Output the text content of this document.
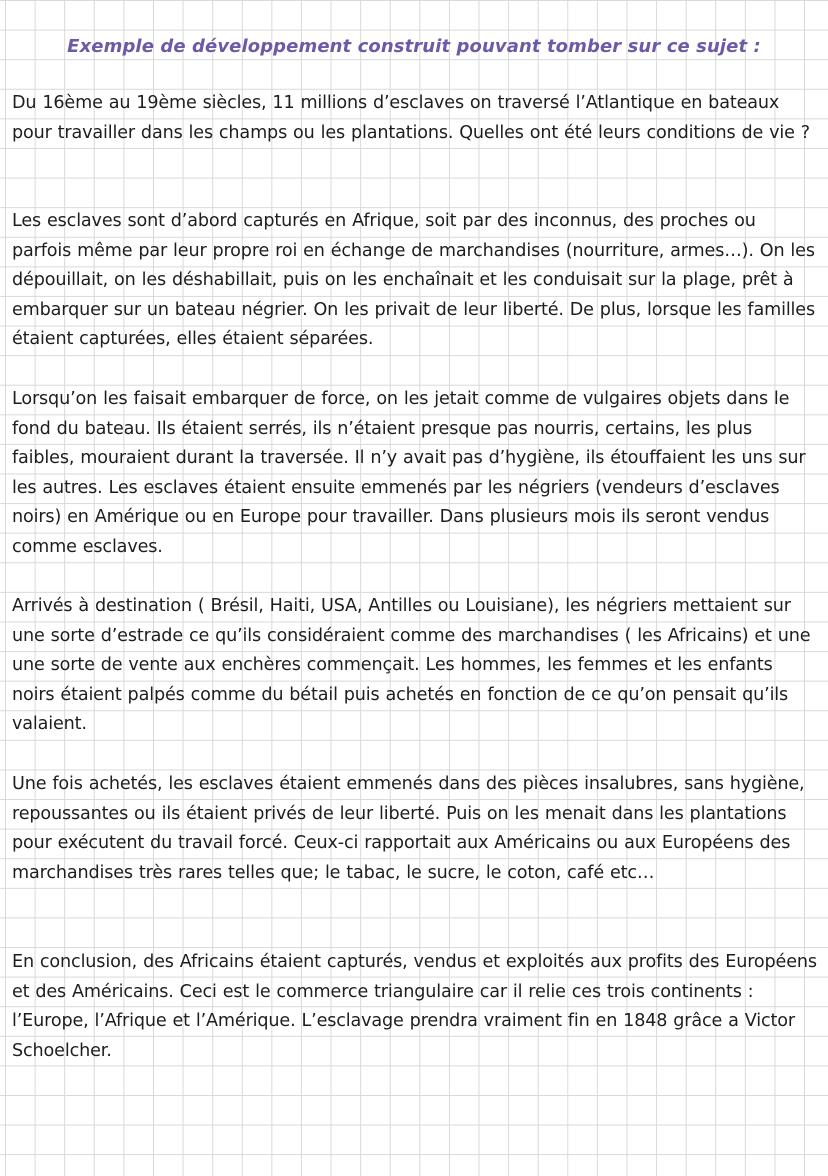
Exemple de développement construit pouvant tomber sur ce sujet :

Du 16ème au 19ème siècles, 11 millions d’esclaves on traversé l’Atlantique en bateaux pour travailler dans les champs ou les plantations. Quelles ont été leurs conditions de vie ?

Les esclaves sont d’abord capturés en Afrique, soit par des inconnus, des proches ou parfois même par leur propre roi en échange de marchandises (nourriture, armes…). On les dépouillait, on les déshabillait, puis on les enchaînait et les conduisait sur la plage, prêt à embarquer sur un bateau négrier. On les privait de leur liberté. De plus, lorsque les familles étaient capturées, elles étaient séparées.

Lorsqu’on les faisait embarquer de force, on les jetait comme de vulgaires objets dans le fond du bateau. Ils étaient serrés, ils n’étaient presque pas nourris, certains, les plus faibles, mouraient durant la traversée. Il n’y avait pas d’hygiène, ils étouffaient les uns sur les autres. Les esclaves étaient ensuite emmenés par les négriers (vendeurs d’esclaves noirs) en Amérique ou en Europe pour travailler. Dans plusieurs mois ils seront vendus comme esclaves.

Arrivés à destination ( Brésil, Haiti, USA, Antilles ou Louisiane), les négriers mettaient sur une sorte d’estrade ce qu’ils considéraient comme des marchandises ( les Africains) et une une sorte de vente aux enchères commençait. Les hommes, les femmes et les enfants noirs étaient palpés comme du bétail puis achetés en fonction de ce qu’on pensait qu’ils valaient.

Une fois achetés, les esclaves étaient emmenés dans des pièces insalubres, sans hygiène, repoussantes ou ils étaient privés de leur liberté. Puis on les menait dans les plantations pour exécutent du travail forcé. Ceux-ci rapportait aux Américains ou aux Européens des marchandises très rares telles que; le tabac, le sucre, le coton, café etc…

En conclusion, des Africains étaient capturés, vendus et exploités aux profits des Européens et des Américains. Ceci est le commerce triangulaire car il relie ces trois continents : l’Europe, l’Afrique et l’Amérique. L’esclavage prendra vraiment fin en 1848 grâce a Victor Schoelcher.
